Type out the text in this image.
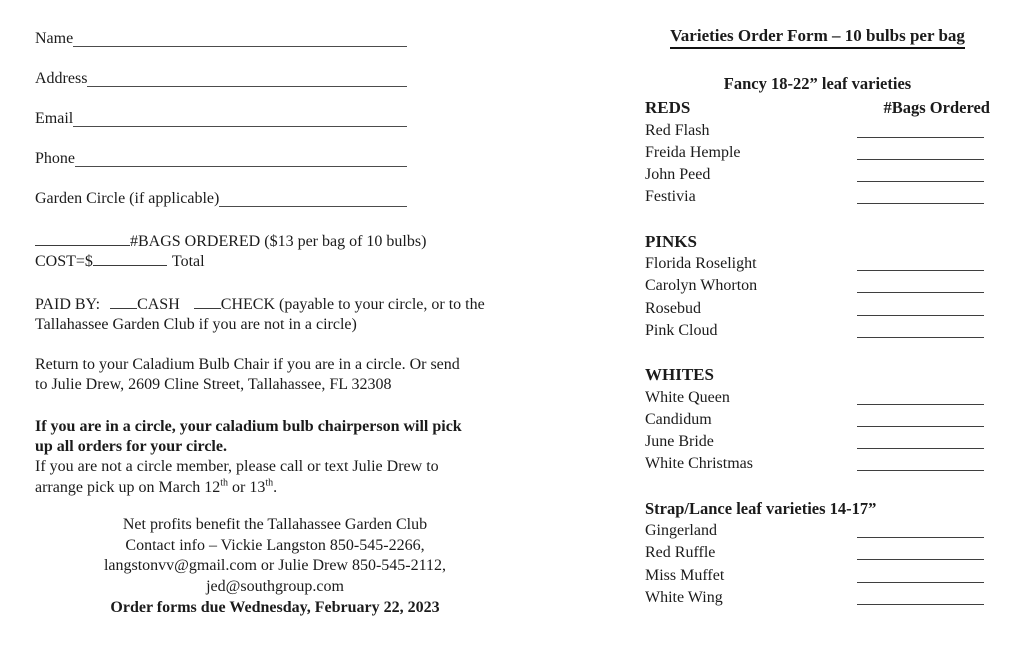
Name
Address
Email
Phone
Garden Circle (if applicable)
#BAGS ORDERED ($13 per bag of 10 bulbs)
COST=$	Total
PAID BY: CASH	CHECK (payable to your circle, or to the
Tallahassee Garden Club if you are not in a circle)
Return to your Caladium Bulb Chair if you are in a circle. Or send
to Julie Drew, 2609 Cline Street, Tallahassee, FL 32308
If you are in a circle, your caladium bulb chairperson will pick
up all orders for your circle.
If you are not a circle member, please call or text Julie Drew to
arrange pick up on March 12th or 13th.
Net profits benefit the Tallahassee Garden Club
Contact info – Vickie Langston 850-545-2266,
langstonvv@gmail.com or Julie Drew 850-545-2112,
jed@southgroup.com
Order forms due Wednesday, February 22, 2023
Varieties Order Form – 10 bulbs per bag
Fancy 18-22” leaf varieties
REDS	#Bags Ordered
Red Flash
Freida Hemple
John Peed
Festivia
PINKS
Florida Roselight
Carolyn Whorton
Rosebud
Pink Cloud
WHITES
White Queen
Candidum
June Bride
White Christmas
Strap/Lance leaf varieties 14-17”
Gingerland
Red Ruffle
Miss Muffet
White Wing
